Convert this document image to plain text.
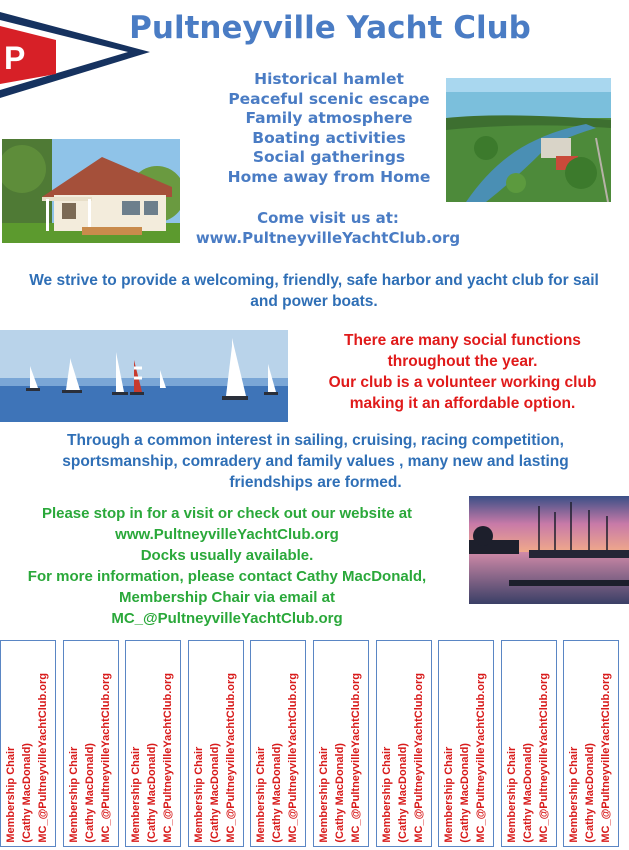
P
Pultneyville Yacht Club
Historical hamlet
Peaceful scenic escape
Family atmosphere
Boating activities
Social gatherings
Home away from Home
Come visit us at:
www.PultneyvilleYachtClub.org
We strive to provide a welcoming, friendly, safe harbor and yacht club for sail and power boats.
There are many social functions
throughout the year.
Our club is a volunteer working club
making it an affordable option.
Through a common interest in sailing, cruising, racing competition, sportsmanship, comradery and family values , many new and lasting friendships are formed.
Please stop in for a visit or check out our website at
www.PultneyvilleYachtClub.org
Docks usually available.
For more information, please contact Cathy MacDonald,
Membership Chair via email at
MC_@PultneyvilleYachtClub.org
Membership Chair (Cathy MacDonald) MC_@PultneyvilleYachtClub.org Membership Chair (Cathy MacDonald) MC_@PultneyvilleYachtClub.org Membership Chair (Cathy MacDonald) MC_@PultneyvilleYachtClub.org Membership Chair (Cathy MacDonald) MC_@PultneyvilleYachtClub.org Membership Chair (Cathy MacDonald) MC_@PultneyvilleYachtClub.org Membership Chair (Cathy MacDonald) MC_@PultneyvilleYachtClub.org Membership Chair (Cathy MacDonald) MC_@PultneyvilleYachtClub.org Membership Chair (Cathy MacDonald) MC_@PultneyvilleYachtClub.org Membership Chair (Cathy MacDonald) MC_@PultneyvilleYachtClub.org Membership Chair (Cathy MacDonald) MC_@PultneyvilleYachtClub.org
